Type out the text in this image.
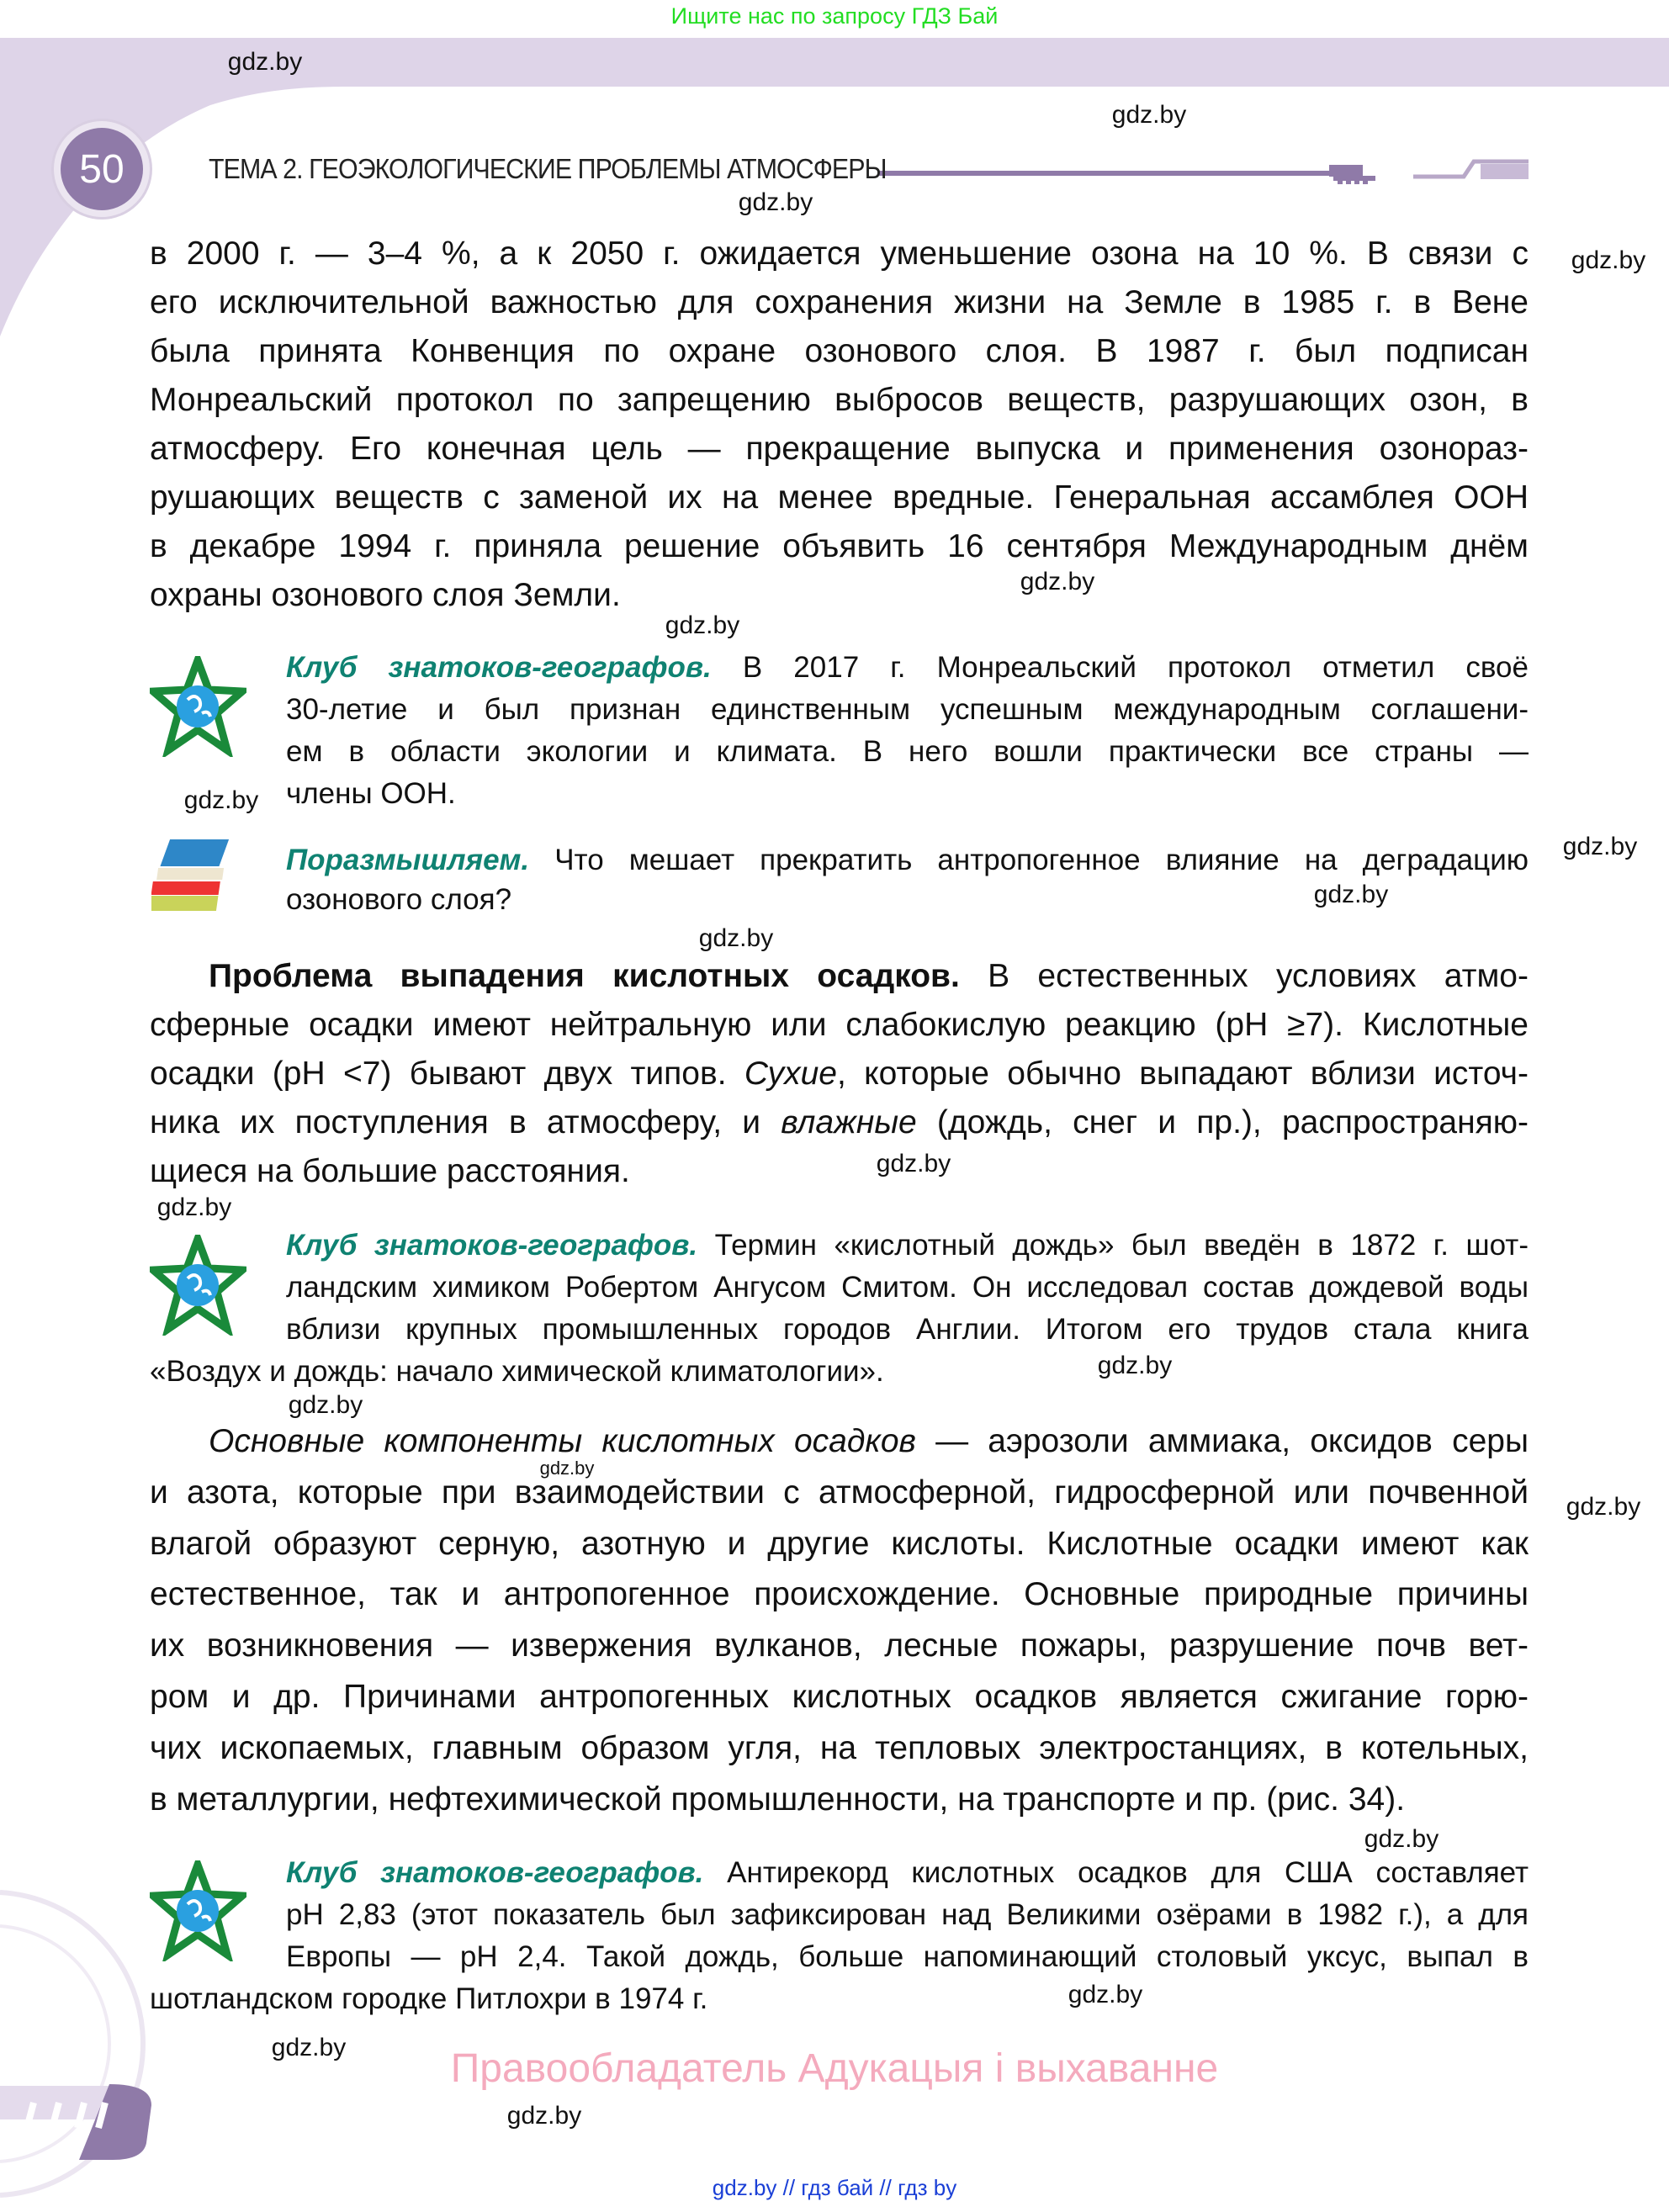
Ищите нас по запросу ГДЗ Бай
50	ТЕМА 2. ГЕОЭКОЛОГИЧЕСКИЕ ПРОБЛЕМЫ АТМОСФЕРЫ
в 2000 г. — 3–4 %, а к 2050 г. ожидается уменьшение озона на 10 %. В связи с
его исключительной важностью для сохранения жизни на Земле в 1985 г. в Вене
была принята Конвенция по охране озонового слоя. В 1987 г. был подписан
Монреальский протокол по запрещению выбросов веществ, разрушающих озон, в
атмосферу. Его конечная цель — прекращение выпуска и применения озонораз-
рушающих веществ с заменой их на менее вредные. Генеральная ассамблея ООН
в декабре 1994 г. приняла решение объявить 16 сентября Международным днём
охраны озонового слоя Земли.
Клуб знатоков-географов. В 2017 г. Монреальский протокол отметил своё
30-летие и был признан единственным успешным международным соглашени-
ем в области экологии и климата. В него вошли практически все страны —
члены ООН.
Поразмышляем. Что мешает прекратить антропогенное влияние на деградацию
озонового слоя?
Проблема выпадения кислотных осадков. В естественных условиях атмо-
сферные осадки имеют нейтральную или слабокислую реакцию (pH ≥7). Кислотные
осадки (pH <7) бывают двух типов. Сухие, которые обычно выпадают вблизи источ-
ника их поступления в атмосферу, и влажные (дождь, снег и пр.), распространяю-
щиеся на большие расстояния.
Клуб знатоков-географов. Термин «кислотный дождь» был введён в 1872 г. шот-
ландским химиком Робертом Ангусом Смитом. Он исследовал состав дождевой воды
вблизи крупных промышленных городов Англии. Итогом его трудов стала книга
«Воздух и дождь: начало химической климатологии».
Основные компоненты кислотных осадков — аэрозоли аммиака, оксидов серы
и азота, которые при взаимодействии с атмосферной, гидросферной или почвенной
влагой образуют серную, азотную и другие кислоты. Кислотные осадки имеют как
естественное, так и антропогенное происхождение. Основные природные причины
их возникновения — извержения вулканов, лесные пожары, разрушение почв вет-
ром и др. Причинами антропогенных кислотных осадков является сжигание горю-
чих ископаемых, главным образом угля, на тепловых электростанциях, в котельных,
в металлургии, нефтехимической промышленности, на транспорте и пр. (рис. 34).
Клуб знатоков-географов. Антирекорд кислотных осадков для США составляет
pH 2,83 (этот показатель был зафиксирован над Великими озёрами в 1982 г.), а для
Европы — pH 2,4. Такой дождь, больше напоминающий столовый уксус, выпал в
шотландском городке Питлохри в 1974 г.
Правообладатель Адукацыя і выхаванне
gdz.by // гдз бай // гдз by
gdz.by
gdz.by
gdz.by
gdz.by
gdz.by
gdz.by
gdz.by
gdz.by
gdz.by
gdz.by
gdz.by
gdz.by
gdz.by
gdz.by
gdz.by
gdz.by
gdz.by
gdz.by
gdz.by
gdz.by
